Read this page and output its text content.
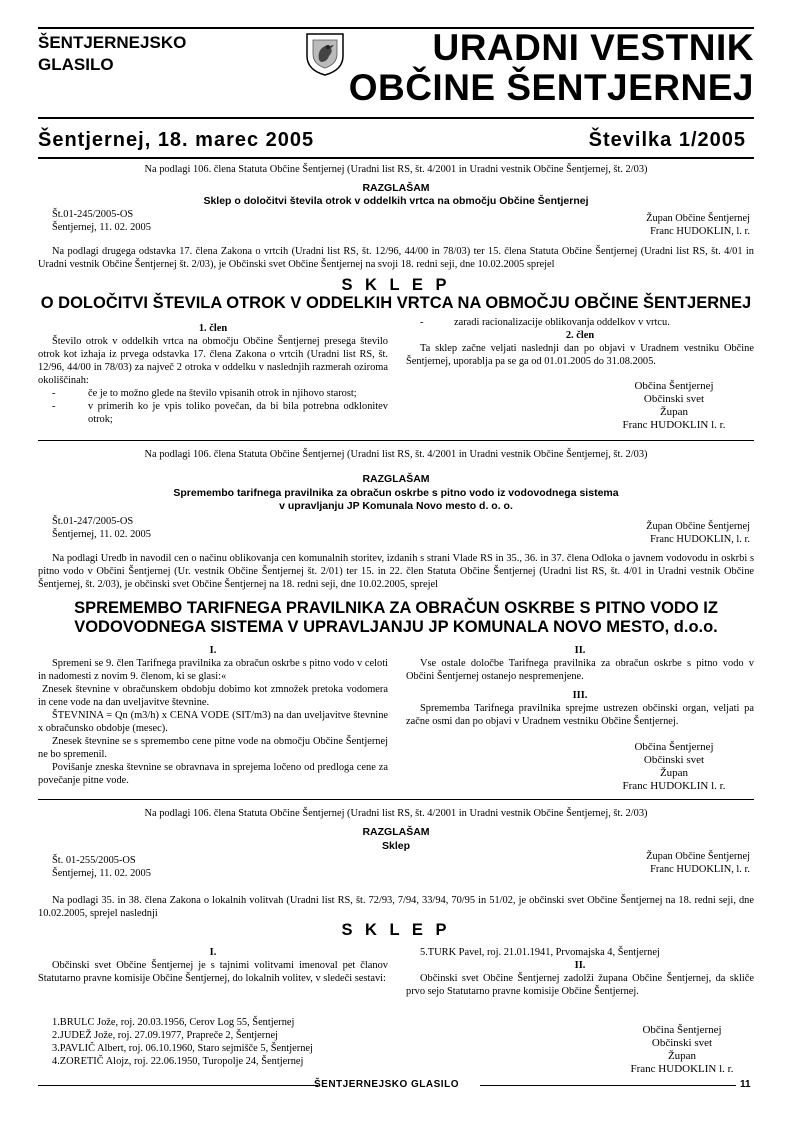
ŠENTJERNEJSKO
GLASILO	URADNI VESTNIK
OBČINE ŠENTJERNEJ
Šentjernej, 18. marec 2005	Številka 1/2005
Na podlagi 106. člena Statuta Občine Šentjernej (Uradni list RS, št. 4/2001 in Uradni vestnik Občine Šentjernej, št. 2/03)
RAZGLAŠAM
Sklep o določitvi števila otrok v oddelkih vrtca na območju Občine Šentjernej
Št.01-245/2005-OS
Šentjernej, 11. 02. 2005
Župan Občine Šentjernej
Franc HUDOKLIN, l. r.
Na podlagi drugega odstavka 17. člena Zakona o vrtcih (Uradni list RS, št. 12/96, 44/00 in 78/03) ter 15. člena Statuta Občine Šentjernej (Uradni list RS, št. 4/01 in Uradni vestnik Občine Šentjernej št. 2/03), je Občinski svet Občine Šentjernej na svoji 18. redni seji, dne 10.02.2005 sprejel
S K L E P
O DOLOČITVI ŠTEVILA OTROK V ODDELKIH VRTCA NA OBMOČJU OBČINE ŠENTJERNEJ
1. člen

Število otrok v oddelkih vrtca na območju Občine Šentjernej presega število otrok kot izhaja iz prvega odstavka 17. člena Zakona o vrtcih (Uradni list RS, št. 12/96, 44/00 in 78/03) za največ 2 otroka v oddelku v naslednjih razmerah oziroma okoliščinah:

-	če je to možno glede na število vpisanih otrok in njihovo starost;
-	v primerih ko je vpis toliko povečan, da bi bila potrebna odklonitev otrok;
-	zaradi racionalizacije oblikovanja oddelkov v vrtcu.
2. člen

Ta sklep začne veljati naslednji dan po objavi v Uradnem vestniku Občine Šentjernej, uporablja pa se ga od 01.01.2005 do 31.08.2005.

Občina Šentjernej
Občinski svet
Župan
Franc HUDOKLIN l. r.
Na podlagi 106. člena Statuta Občine Šentjernej (Uradni list RS, št. 4/2001 in Uradni vestnik Občine Šentjernej, št. 2/03)
RAZGLAŠAM
Spremembo tarifnega pravilnika za obračun oskrbe s pitno vodo iz vodovodnega sistema
v upravljanju JP Komunala Novo mesto d. o. o.
Št.01-247/2005-OS
Šentjernej, 11. 02. 2005
Župan Občine Šentjernej
Franc HUDOKLIN, l. r.
Na podlagi Uredb in navodil cen o načinu oblikovanja cen komunalnih storitev, izdanih s strani Vlade RS in 35., 36. in 37. člena Odloka o javnem vodovodu in oskrbi s pitno vodo v Občini Šentjernej (Ur. vestnik Občine Šentjernej št. 2/01) ter 15. in 22. člen Statuta Občine Šentjernej (Uradni list RS, št. 4/01 in Uradni vestnik Občine Šentjernej, št. 2/03), je občinski svet Občine Šentjernej na 18. redni seji, dne 10.02.2005, sprejel
SPREMEMBO TARIFNEGA PRAVILNIKA ZA OBRAČUN OSKRBE S PITNO VODO IZ
VODOVODNEGA SISTEMA V UPRAVLJANJU JP KOMUNALA NOVO MESTO, d.o.o.
I.

Spremeni se 9. člen Tarifnega pravilnika za obračun oskrbe s pitno vodo v celoti in nadomesti z novim 9. členom, ki se glasi:«

Znesek števnine v obračunskem obdobju dobimo kot zmnožek pretoka vodomera in cene vode na dan uveljavitve števnine.

ŠTEVNINA = Qn (m3/h) x CENA VODE (SIT/m3) na dan uveljavitve števnine x obračunsko obdobje (mesec).

Znesek števnine se s spremembo cene pitne vode na območju Občine Šentjernej ne bo spremenil.

Povišanje zneska števnine se obravnava in sprejema ločeno od predloga cene za povečanje pitne vode.

II.

Vse ostale določbe Tarifnega pravilnika za obračun oskrbe s pitno vodo v Občini Šentjernej ostanejo nespremenjene.

III.

Sprememba Tarifnega pravilnika sprejme ustrezen občinski organ, veljati pa začne osmi dan po objavi v Uradnem vestniku Občine Šentjernej.

Občina Šentjernej
Občinski svet
Župan
Franc HUDOKLIN l. r.
Na podlagi 106. člena Statuta Občine Šentjernej (Uradni list RS, št. 4/2001 in Uradni vestnik Občine Šentjernej, št. 2/03)
RAZGLAŠAM
Sklep
Št. 01-255/2005-OS
Šentjernej, 11. 02. 2005
Župan Občine Šentjernej
Franc HUDOKLIN, l. r.
Na podlagi 35. in 38. člena Zakona o lokalnih volitvah (Uradni list RS, št. 72/93, 7/94, 33/94, 70/95 in 51/02, je občinski svet Občine Šentjernej na 18. redni seji, dne 10.02.2005, sprejel naslednji
S K L E P
I.

Občinski svet Občine Šentjernej je s tajnimi volitvami imenoval pet članov Statutarno pravne komisije Občine Šentjernej, do lokalnih volitev, v sledeči sestavi:

1.BRULC Jože, roj. 20.03.1956, Cerov Log 55, Šentjernej
2.JUDEŽ Jože, roj. 27.09.1977, Prapreče 2, Šentjernej
3.PAVLIČ Albert, roj. 06.10.1960, Staro sejmišče 5, Šentjernej
4.ZORETIČ Alojz, roj. 22.06.1950, Turopolje 24, Šentjernej
5.TURK Pavel, roj. 21.01.1941, Prvomajska 4, Šentjernej
II.

Občinski svet Občine Šentjernej zadolži župana Občine Šentjernej, da skliče prvo sejo Statutarno pravne komisije Občine Šentjernej.

Občina Šentjernej
Občinski svet
Župan
Franc HUDOKLIN l. r.
ŠENTJERNEJSKO GLASILO	11
